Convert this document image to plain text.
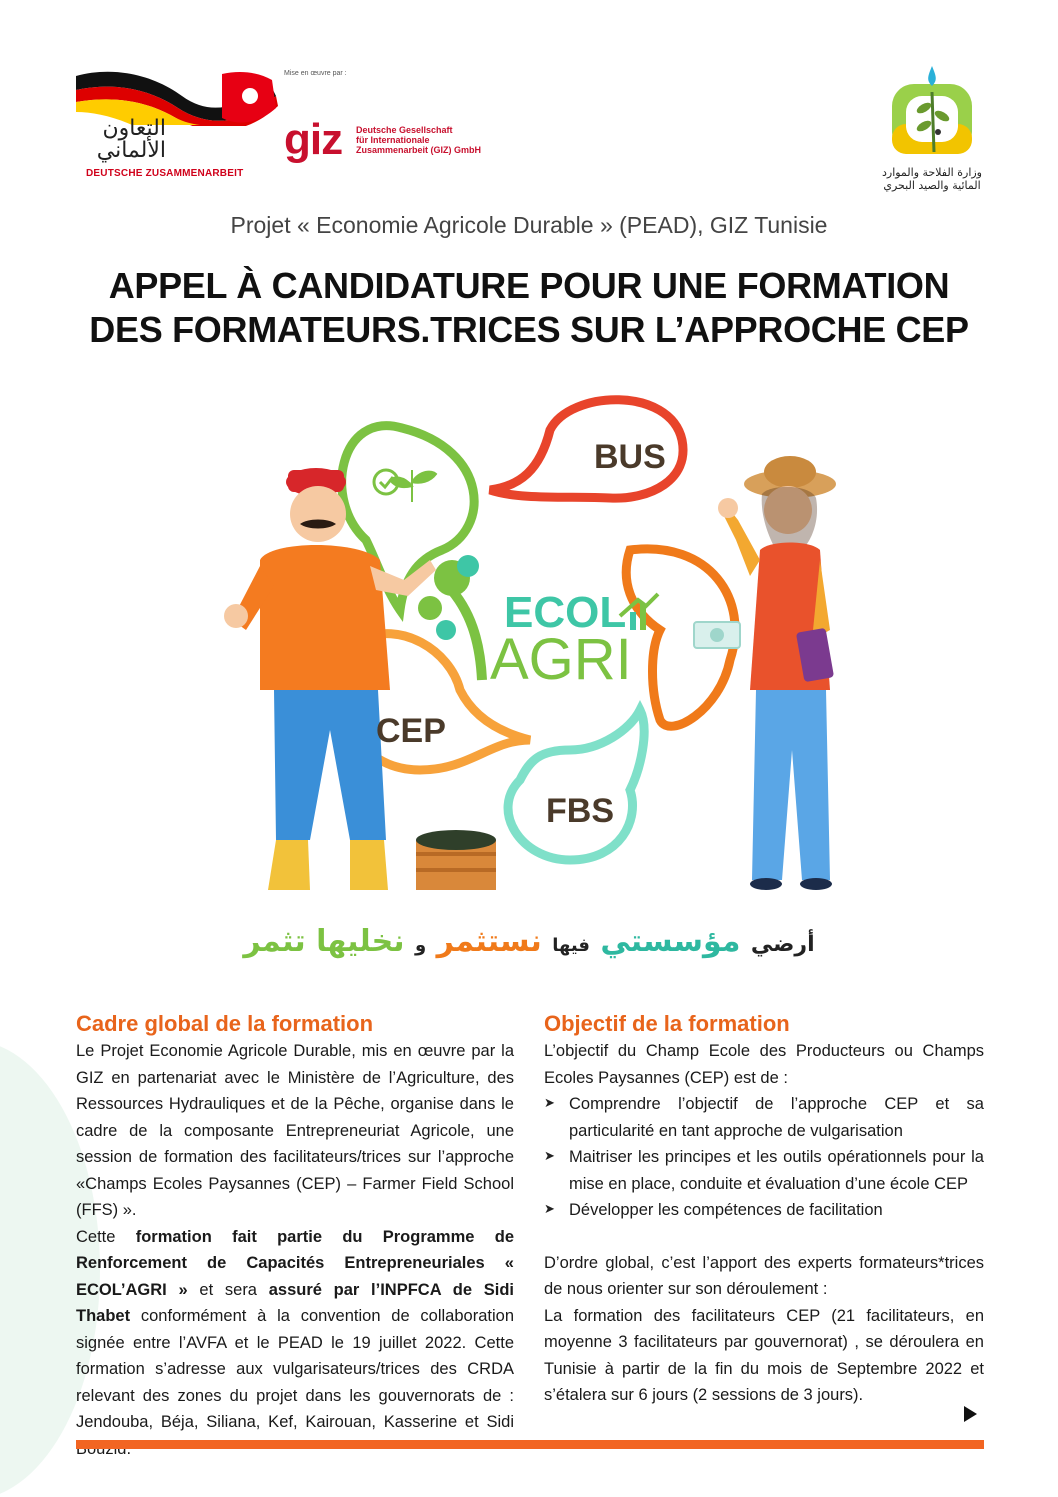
التعاون
الألماني
DEUTSCHE ZUSAMMENARBEIT
Mise en œuvre par :
giz Deutsche Gesellschaft
für Internationale
Zusammenarbeit (GIZ) GmbH
وزارة الفلاحة والموارد
المائية والصيد البحري
Projet « Economie Agricole Durable » (PEAD), GIZ Tunisie
APPEL À CANDIDATURE POUR UNE FORMATION
DES FORMATEURS.TRICES SUR L’APPROCHE CEP
BUS
CEP
FBS
ECOL
AGRI
أرضي مؤسستي فيها نستثمر و نخليها تثمر
Cadre global de la formation

Le Projet Economie Agricole Durable, mis en œuvre par la GIZ en partenariat avec le Ministère de l’Agriculture, des Ressources Hydrauliques et de la Pêche, organise dans le cadre de la composante Entrepreneuriat Agricole, une session de formation des facilitateurs/trices sur l’approche «Champs Ecoles Paysannes (CEP) – Farmer Field School (FFS) ».

Cette formation fait partie du Programme de Renforcement de Capacités Entrepreneuriales « ECOL’AGRI » et sera assuré par l’INPFCA de Sidi Thabet conformément à la convention de collaboration signée entre l’AVFA et le PEAD le 19 juillet 2022. Cette formation s’adresse aux vulgarisateurs/trices des CRDA relevant des zones du projet dans les gouvernorats de : Jendouba, Béja, Siliana, Kef, Kairouan, Kasserine et Sidi

Objectif de la formation

L’objectif du Champ Ecole des Producteurs ou Champs Ecoles Paysannes (CEP) est de :

➤ Comprendre l’objectif de l’approche CEP et sa particularité en tant approche de vulgarisation
➤ Maitriser les principes et les outils opérationnels pour la mise en place, conduite et évaluation d’une école CEP
➤ Développer les compétences de facilitation

D’ordre global, c’est l’apport des experts formateurs*trices de nous orienter sur son déroulement :

La formation des facilitateurs CEP (21 facilitateurs, en moyenne 3 facilitateurs par gouvernorat) , se déroulera en Tunisie à partir de la fin du mois de Septembre 2022 et s’étalera sur 6 jours (2 sessions de 3 jours).
